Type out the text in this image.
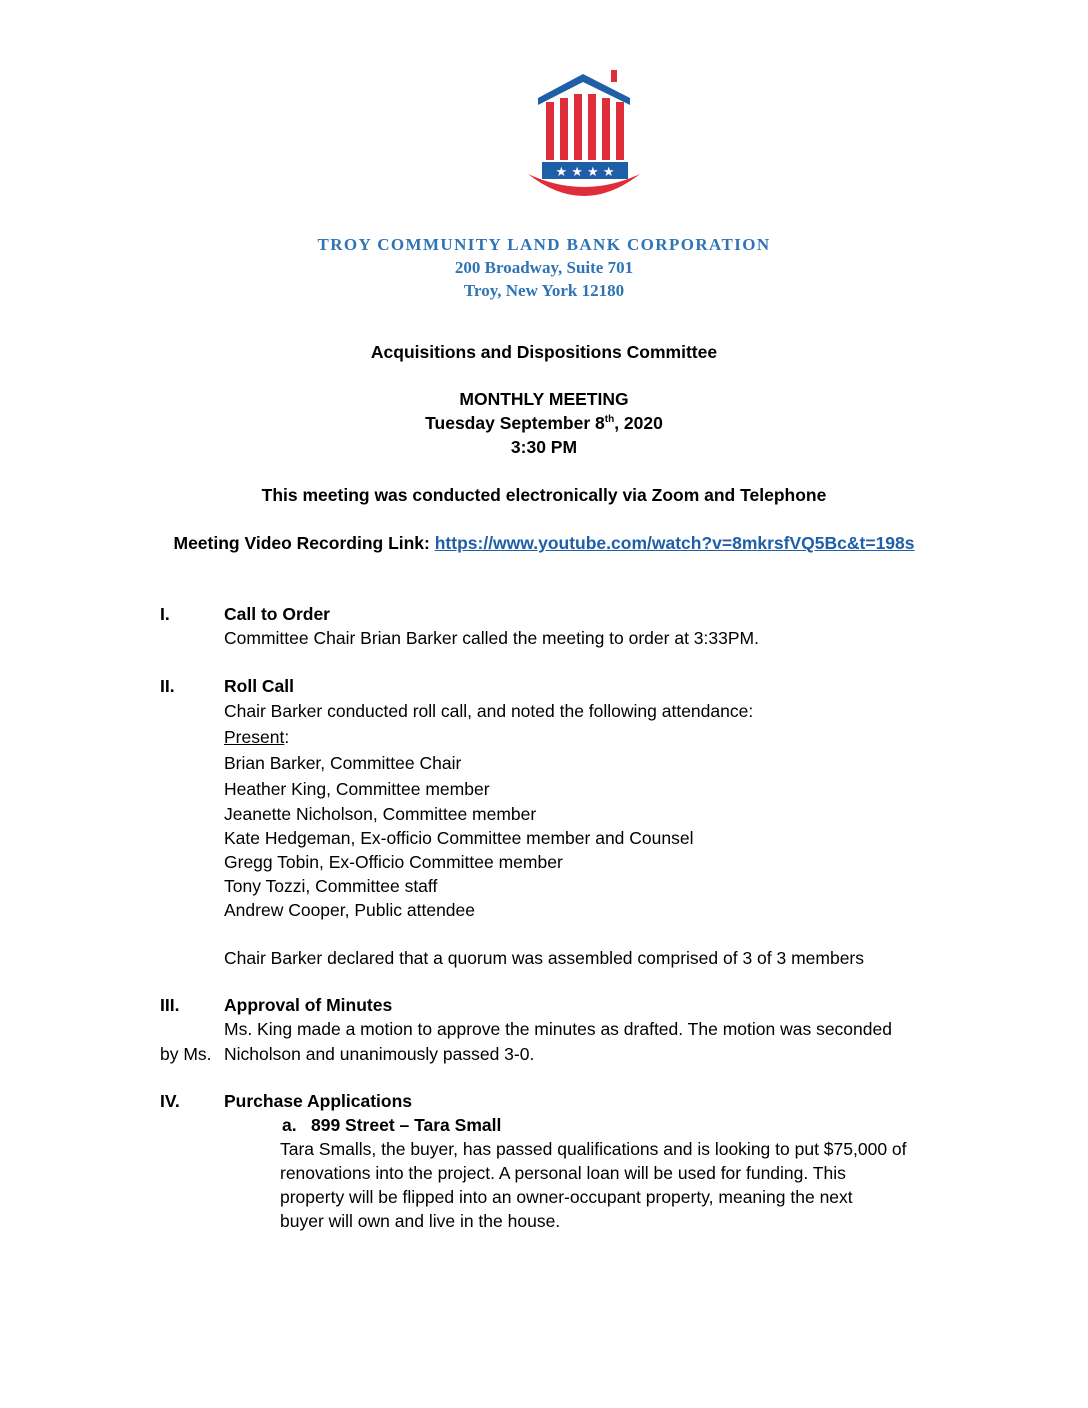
★ ★ ★ ★
TROY COMMUNITY LAND BANK CORPORATION
200 Broadway, Suite 701
Troy, New York 12180
Acquisitions and Dispositions Committee
MONTHLY MEETING
Tuesday September 8th, 2020
3:30 PM
This meeting was conducted electronically via Zoom and Telephone
Meeting Video Recording Link: https://www.youtube.com/watch?v=8mkrsfVQ5Bc&t=198s
I.	Call to Order
Committee Chair Brian Barker called the meeting to order at 3:33PM.
II.	Roll Call
Chair Barker conducted roll call, and noted the following attendance:
Present:
Brian Barker, Committee Chair
Heather King, Committee member
Jeanette Nicholson, Committee member
Kate Hedgeman, Ex-officio Committee member and Counsel
Gregg Tobin, Ex-Officio Committee member
Tony Tozzi, Committee staff
Andrew Cooper, Public attendee
Chair Barker declared that a quorum was assembled comprised of 3 of 3 members
III.	Approval of Minutes
Ms. King made a motion to approve the minutes as drafted. The motion was seconded
by Ms. Nicholson and unanimously passed 3-0.
IV.	Purchase Applications
a. 899 Street – Tara Small
Tara Smalls, the buyer, has passed qualifications and is looking to put $75,000 of
renovations into the project. A personal loan will be used for funding. This
property will be flipped into an owner-occupant property, meaning the next
buyer will own and live in the house.
